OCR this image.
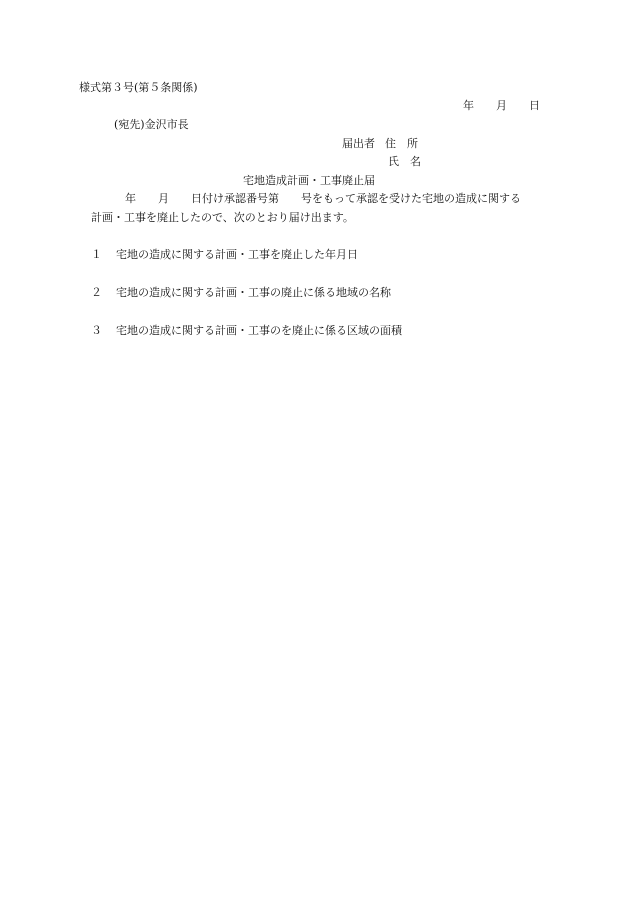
様式第３号(第５条関係)
年 月 日
(宛先)金沢市長
届出者 住　所
氏　名
宅地造成計画・工事廃止届
年 月 日付け承認番号第 号をもって承認を受けた宅地の造成に関する
計画・工事を廃止したので、次のとおり届け出ます。
１ 宅地の造成に関する計画・工事を廃止した年月日
２ 宅地の造成に関する計画・工事の廃止に係る地域の名称
３ 宅地の造成に関する計画・工事のを廃止に係る区域の面積
